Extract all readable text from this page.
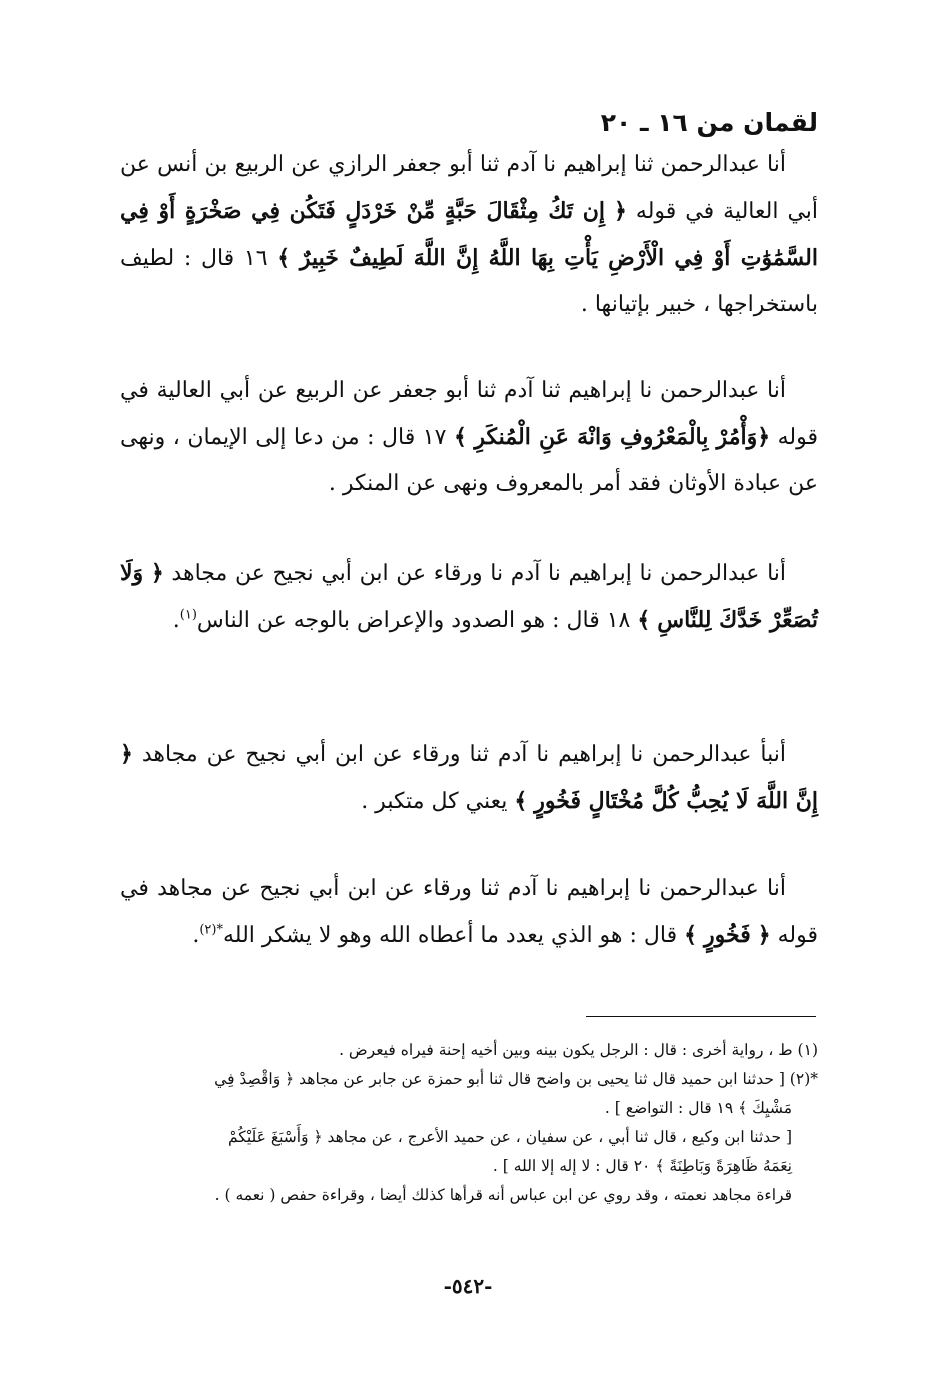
لقمان من ١٦ ـ ٢٠
أنا عبدالرحمن ثنا إبراهيم نا آدم ثنا أبو جعفر الرازي عن الربيع بن أنس عن أبي العالية في قوله ﴿ إِن تَكُ مِثْقَالَ حَبَّةٍ مِّنْ خَرْدَلٍ فَتَكُن فِي صَخْرَةٍ أَوْ فِي السَّمَٰوَٰتِ أَوْ فِي الْأَرْضِ يَأْتِ بِهَا اللَّهُ إِنَّ اللَّهَ لَطِيفٌ خَبِيرٌ ﴾ ١٦ قال : لطيف باستخراجها ، خبير بإتيانها .
أنا عبدالرحمن نا إبراهيم ثنا آدم ثنا أبو جعفر عن الربيع عن أبي العالية في قوله ﴿وَأْمُرْ بِالْمَعْرُوفِ وَانْهَ عَنِ الْمُنكَرِ ﴾ ١٧ قال : من دعا إلى الإيمان ، ونهى عن عبادة الأوثان فقد أمر بالمعروف ونهى عن المنكر .
أنا عبدالرحمن نا إبراهيم نا آدم نا ورقاء عن ابن أبي نجيح عن مجاهد ﴿ وَلَا تُصَعِّرْ خَدَّكَ لِلنَّاسِ ﴾ ١٨ قال : هو الصدود والإعراض بالوجه عن الناس$^{(١)}$.
أنبأ عبدالرحمن نا إبراهيم نا آدم ثنا ورقاء عن ابن أبي نجيح عن مجاهد ﴿ إِنَّ اللَّهَ لَا يُحِبُّ كُلَّ مُخْتَالٍ فَخُورٍ ﴾ يعني كل متكبر .
أنا عبدالرحمن نا إبراهيم نا آدم ثنا ورقاء عن ابن أبي نجيح عن مجاهد في قوله ﴿ فَخُورٍ ﴾ قال : هو الذي يعدد ما أعطاه الله وهو لا يشكر الله$^{*(٢)}$.
(١) ط ، رواية أخرى : قال : الرجل يكون بينه وبين أخيه إحنة فيراه فيعرض .
*(٢) [ حدثنا ابن حميد قال ثنا يحيى بن واضح قال ثنا أبو حمزة عن جابر عن مجاهد ﴿ وَاقْصِدْ فِي
مَشْيِكَ ﴾ ١٩ قال : التواضع ] .
[ حدثنا ابن وكيع ، قال ثنا أبي ، عن سفيان ، عن حميد الأعرج ، عن مجاهد ﴿ وَأَسْبَغَ عَلَيْكُمْ
نِعَمَهُ ظَاهِرَةً وَبَاطِنَةً ﴾ ٢٠ قال : لا إله إلا الله ] .
قراءة مجاهد نعمته ، وقد روي عن ابن عباس أنه قرأها كذلك أيضا ، وقراءة حفص ( نعمه ) .
-٥٤٢-
